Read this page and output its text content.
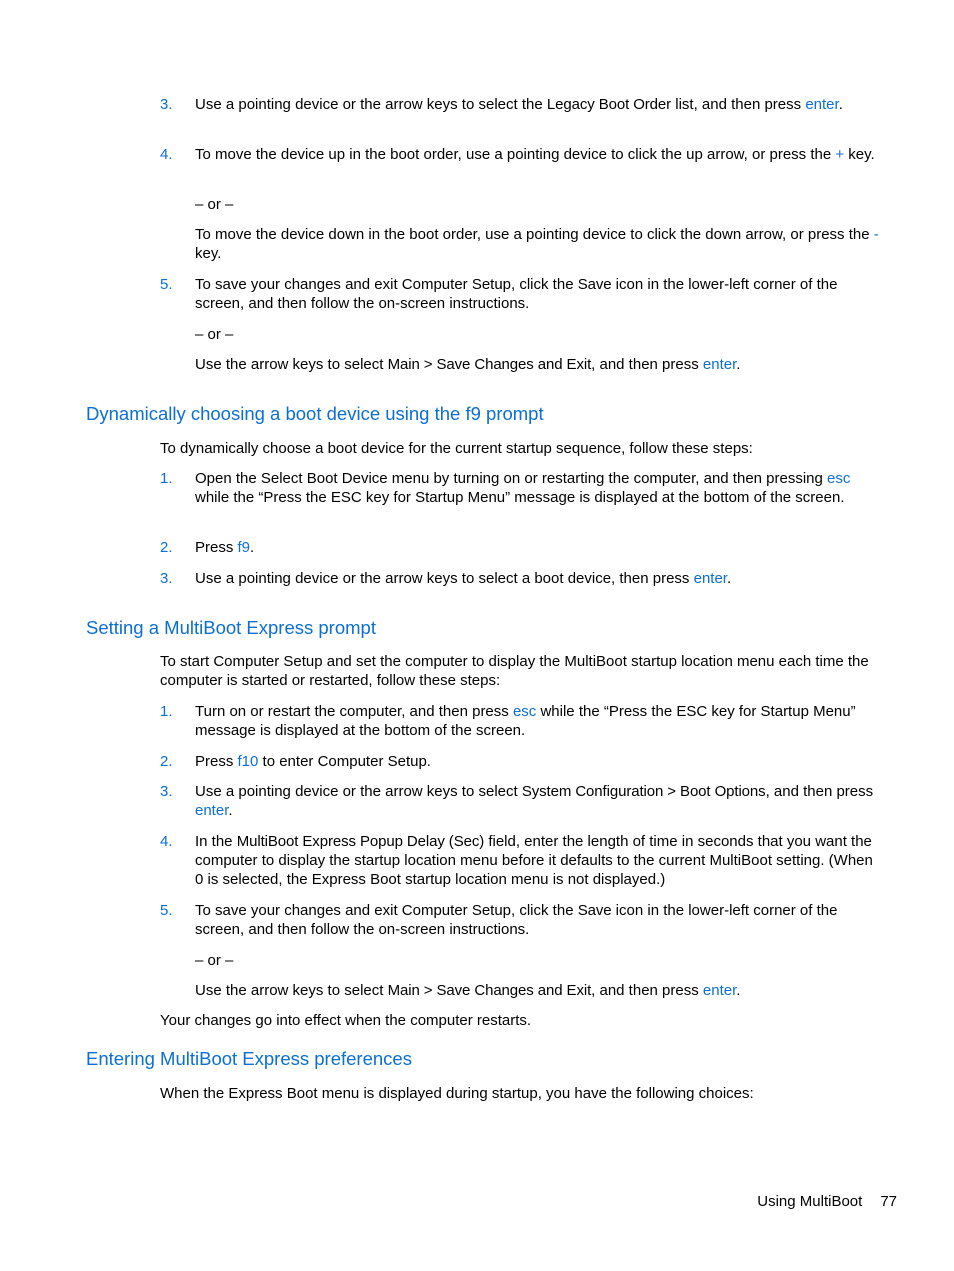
3. Use a pointing device or the arrow keys to select the Legacy Boot Order list, and then press enter.
4. To move the device up in the boot order, use a pointing device to click the up arrow, or press the + key.
– or –
To move the device down in the boot order, use a pointing device to click the down arrow, or press the - key.
5. To save your changes and exit Computer Setup, click the Save icon in the lower-left corner of the screen, and then follow the on-screen instructions.
– or –
Use the arrow keys to select Main > Save Changes and Exit, and then press enter.
Dynamically choosing a boot device using the f9 prompt
To dynamically choose a boot device for the current startup sequence, follow these steps:
1. Open the Select Boot Device menu by turning on or restarting the computer, and then pressing esc while the “Press the ESC key for Startup Menu” message is displayed at the bottom of the screen.
2. Press f9.
3. Use a pointing device or the arrow keys to select a boot device, then press enter.
Setting a MultiBoot Express prompt
To start Computer Setup and set the computer to display the MultiBoot startup location menu each time the computer is started or restarted, follow these steps:
1. Turn on or restart the computer, and then press esc while the “Press the ESC key for Startup Menu” message is displayed at the bottom of the screen.
2. Press f10 to enter Computer Setup.
3. Use a pointing device or the arrow keys to select System Configuration > Boot Options, and then press enter.
4. In the MultiBoot Express Popup Delay (Sec) field, enter the length of time in seconds that you want the computer to display the startup location menu before it defaults to the current MultiBoot setting. (When 0 is selected, the Express Boot startup location menu is not displayed.)
5. To save your changes and exit Computer Setup, click the Save icon in the lower-left corner of the screen, and then follow the on-screen instructions.
– or –
Use the arrow keys to select Main > Save Changes and Exit, and then press enter.
Your changes go into effect when the computer restarts.
Entering MultiBoot Express preferences
When the Express Boot menu is displayed during startup, you have the following choices:
Using MultiBoot 77
